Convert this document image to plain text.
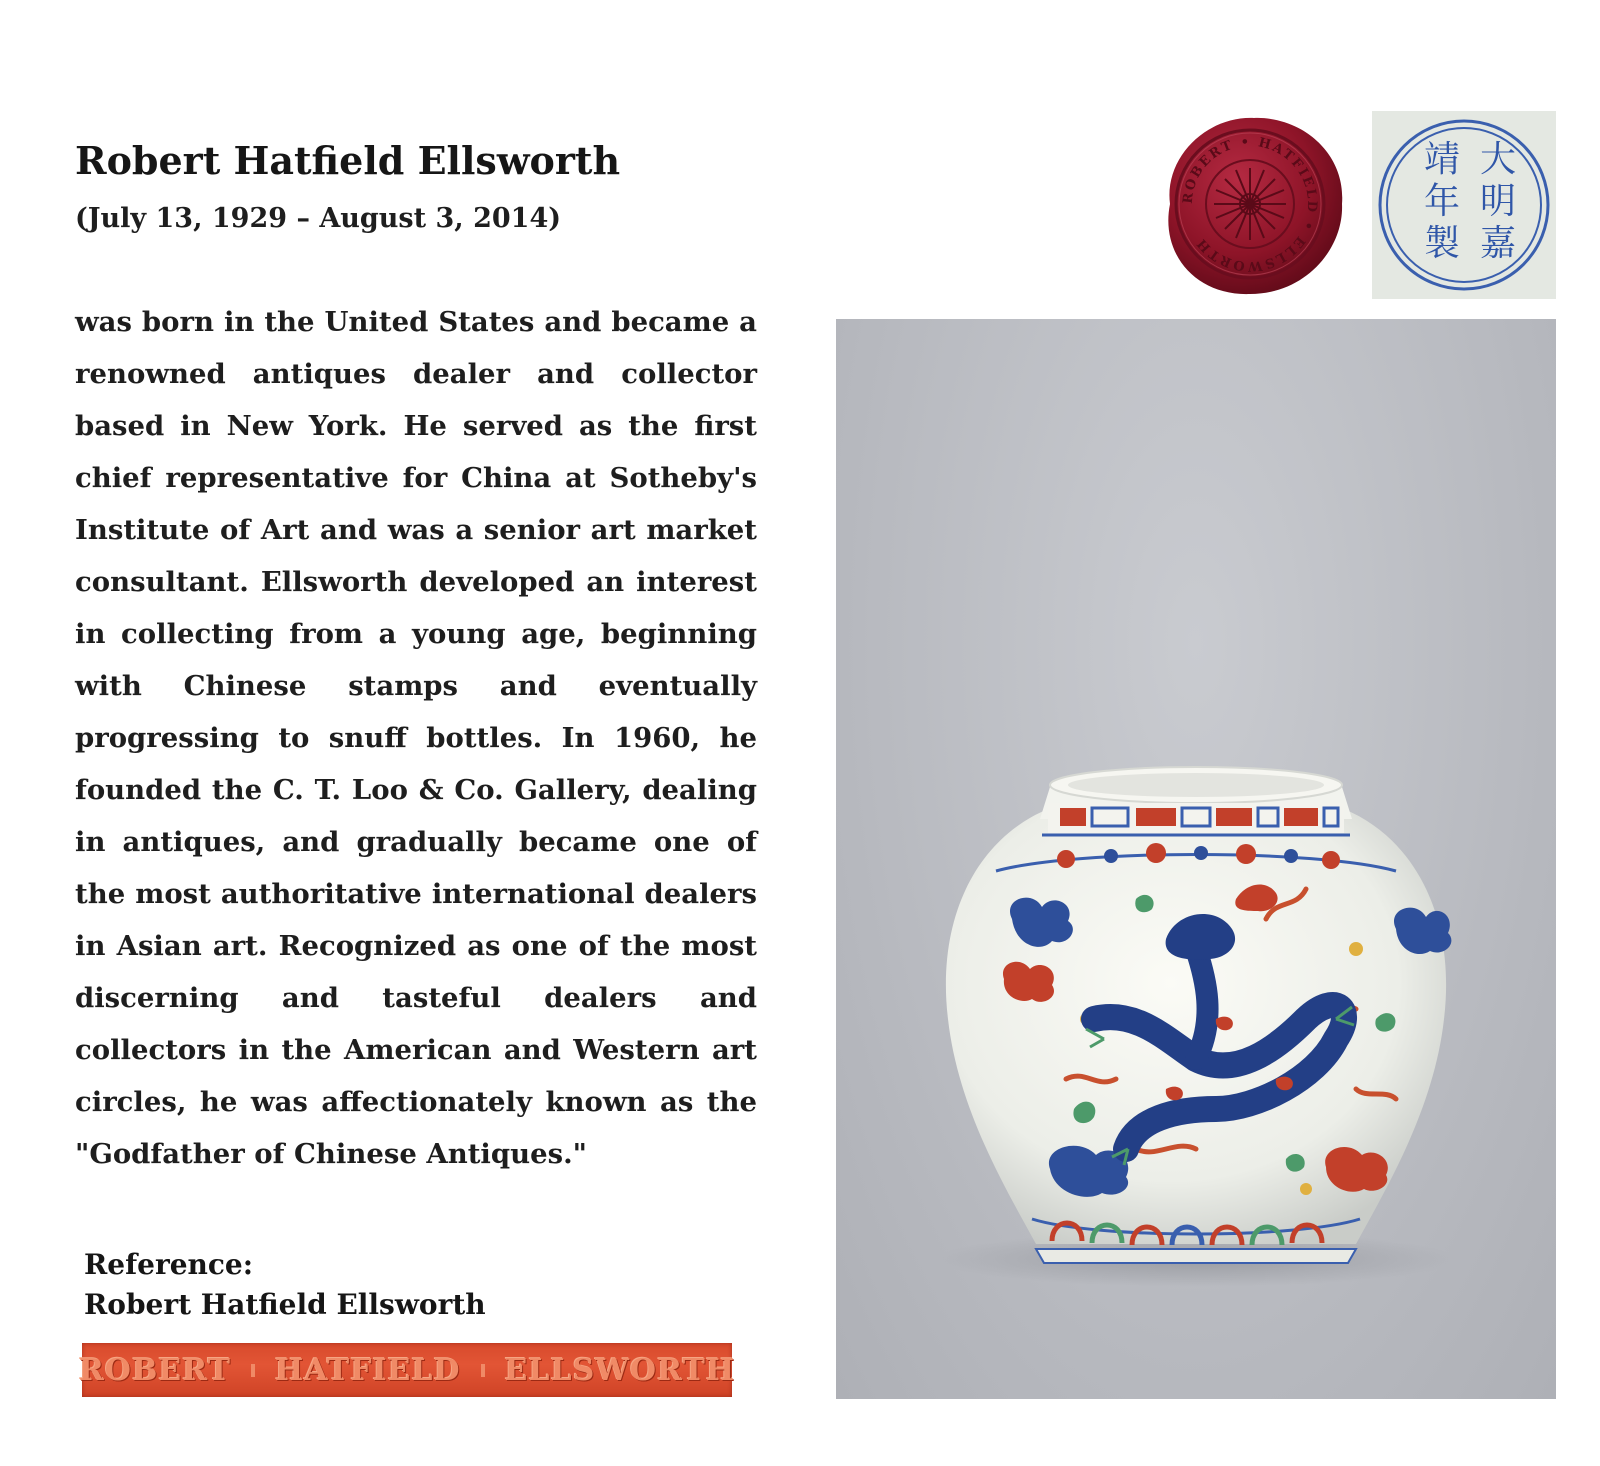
Robert Hatfield Ellsworth
(July 13, 1929 – August 3, 2014)
was born in the United States and became a renowned antiques dealer and collector based in New York. He served as the first chief representative for China at Sotheby's Institute of Art and was a senior art market consultant. Ellsworth developed an interest in collecting from a young age, beginning with Chinese stamps and eventually progressing to snuff bottles. In 1960, he founded the C. T. Loo & Co. Gallery, dealing in antiques, and gradually became one of the most authoritative international dealers in Asian art. Recognized as one of the most discerning and tasteful dealers and collectors in the American and Western art circles, he was affectionately known as the "Godfather of Chinese Antiques."
Reference:
Robert Hatfield Ellsworth
ROBERT HATFIELD ELLSWORTH
ROBERT • HATFIELD • ELLSWORTH
大
明
嘉
靖
年
製
